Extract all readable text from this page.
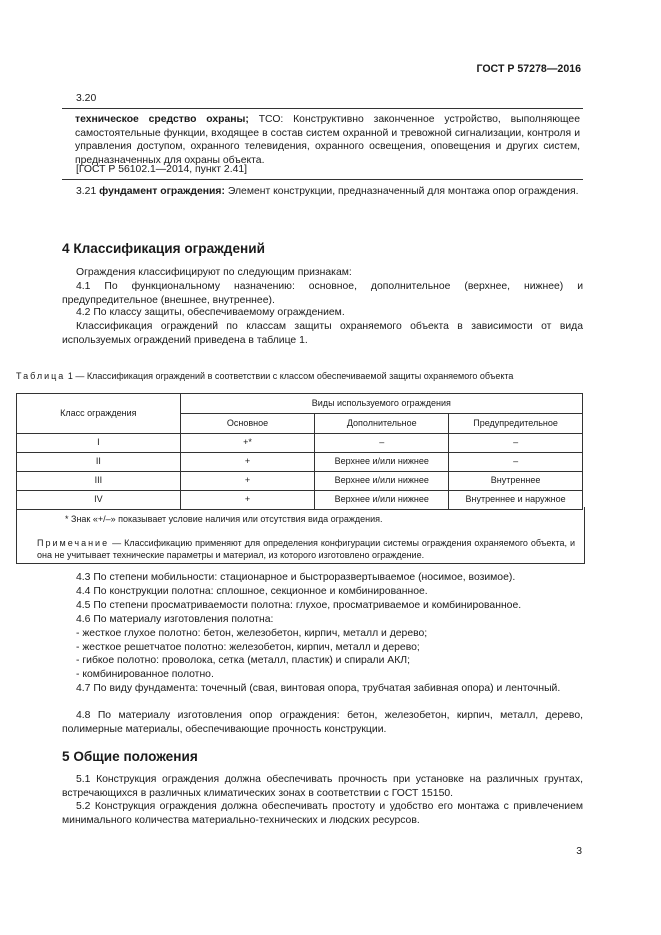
ГОСТ Р 57278—2016
3.20
техническое средство охраны; ТСО: Конструктивно законченное устройство, выполняющее самостоятельные функции, входящее в состав систем охранной и тревожной сигнализации, контроля и управления доступом, охранного телевидения, охранного освещения, оповещения и других систем, предназначенных для охраны объекта.
[ГОСТ Р 56102.1—2014, пункт 2.41]
3.21 фундамент ограждения: Элемент конструкции, предназначенный для монтажа опор ограждения.
4 Классификация ограждений
Ограждения классифицируют по следующим признакам:
4.1 По функциональному назначению: основное, дополнительное (верхнее, нижнее) и предупредительное (внешнее, внутреннее).
4.2 По классу защиты, обеспечиваемому ограждением.
Классификация ограждений по классам защиты охраняемого объекта в зависимости от вида используемых ограждений приведена в таблице 1.
Таблица 1 — Классификация ограждений в соответствии с классом обеспечиваемой защиты охраняемого объекта
Класс ограждения	Виды используемого ограждения		
	Основное	Дополнительное	Предупредительное
I	+*	–	–
II	+	Верхнее и/или нижнее	–
III	+	Верхнее и/или нижнее	Внутреннее
IV	+	Верхнее и/или нижнее	Внутреннее и наружное
* Знак «+/–» показывает условие наличия или отсутствия вида ограждения.
Примечание — Классификацию применяют для определения конфигурации системы ограждения охраняемого объекта, и она не учитывает технические параметры и материал, из которого изготовлено ограждение.
4.3 По степени мобильности: стационарное и быстроразвертываемое (носимое, возимое).
4.4 По конструкции полотна: сплошное, секционное и комбинированное.
4.5 По степени просматриваемости полотна: глухое, просматриваемое и комбинированное.
4.6 По материалу изготовления полотна:
- жесткое глухое полотно: бетон, железобетон, кирпич, металл и дерево;
- жесткое решетчатое полотно: железобетон, кирпич, металл и дерево;
- гибкое полотно: проволока, сетка (металл, пластик) и спирали АКЛ;
- комбинированное полотно.
4.7 По виду фундамента: точечный (свая, винтовая опора, трубчатая забивная опора) и ленточный.
4.8 По материалу изготовления опор ограждения: бетон, железобетон, кирпич, металл, дерево, полимерные материалы, обеспечивающие прочность конструкции.
5 Общие положения
5.1 Конструкция ограждения должна обеспечивать прочность при установке на различных грунтах, встречающихся в различных климатических зонах в соответствии с ГОСТ 15150.
5.2 Конструкция ограждения должна обеспечивать простоту и удобство его монтажа с привлечением минимального количества материально-технических и людских ресурсов.
3
